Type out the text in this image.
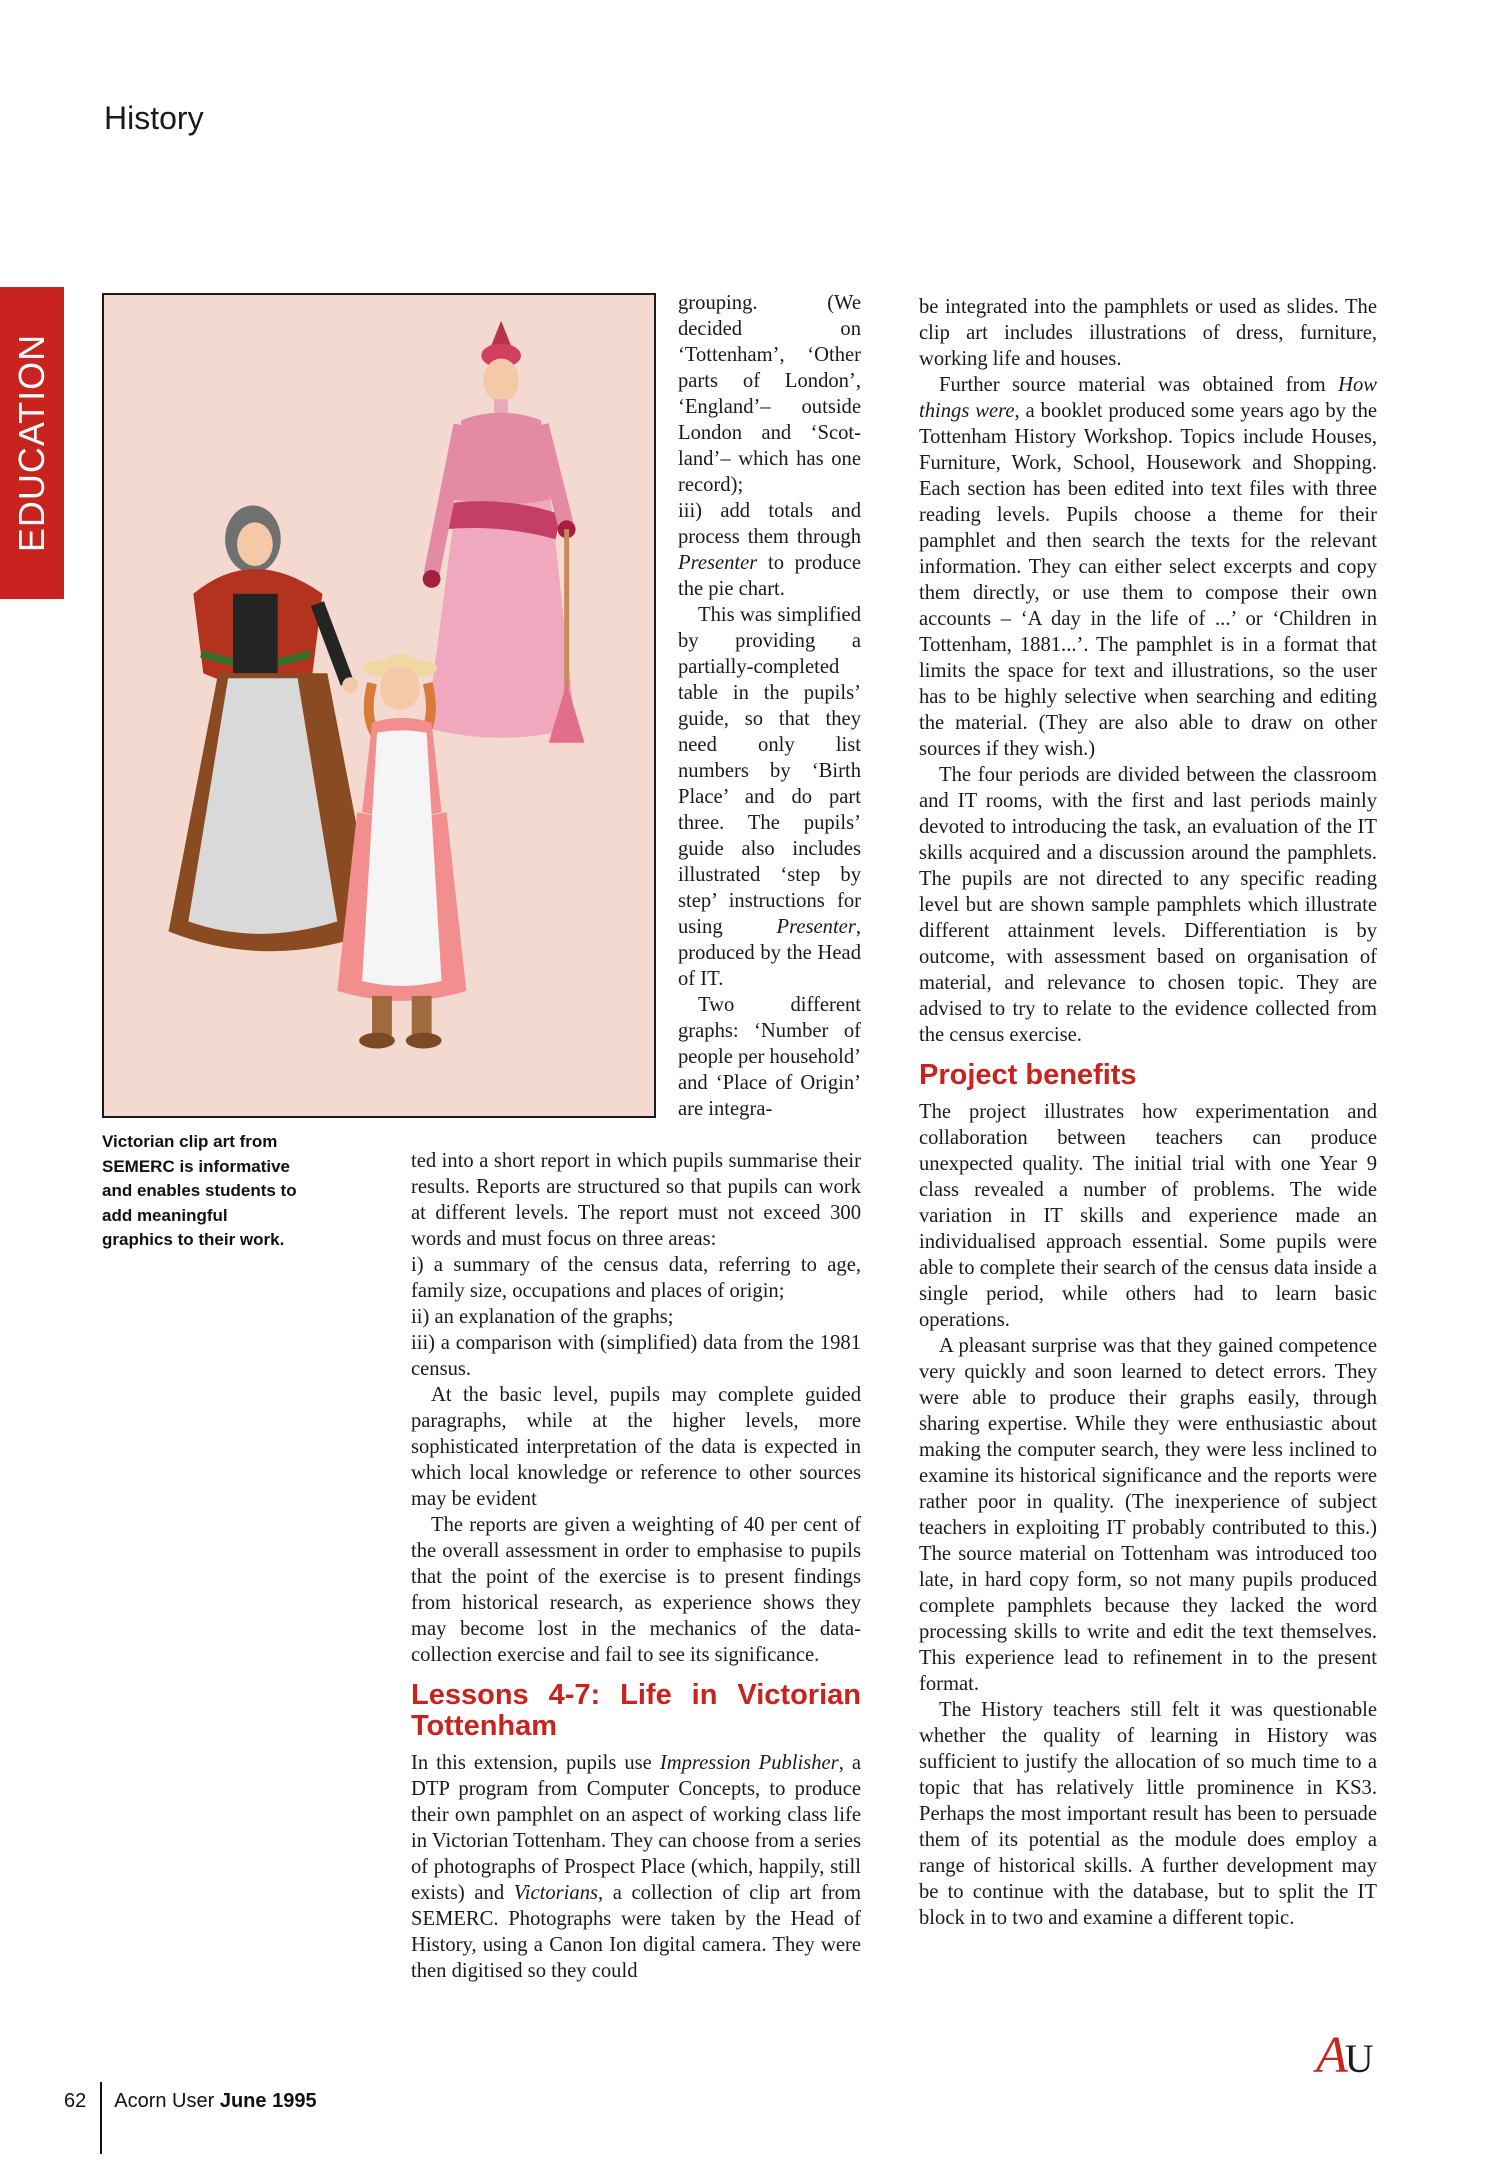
EDUCATION
History
Victorian clip art from SEMERC is informative and enables students to add meaningful graphics to their work.

grouping. (We decided on ‘Tottenham’, ‘Other parts of London’, ‘England’– outside London and ‘Scot-land’– which has one record);

iii) add totals and process them through Presenter to produce the pie chart.

This was simplified by providing a partially-completed table in the pupils’ guide, so that they need only list numbers by ‘Birth Place’ and do part three. The pupils’ guide also includes illustrated ‘step by step’ instructions for using Presenter, produced by the Head of IT.

Two different graphs: ‘Number of people per household’ and ‘Place of Origin’ are integra-

ted into a short report in which pupils summarise their results. Reports are structured so that pupils can work at different levels. The report must not exceed 300 words and must focus on three areas:

i) a summary of the census data, referring to age, family size, occupations and places of origin;

ii) an explanation of the graphs;

iii) a comparison with (simplified) data from the 1981 census.

At the basic level, pupils may complete guided paragraphs, while at the higher levels, more sophisticated interpretation of the data is expected in which local knowledge or reference to other sources may be evident

The reports are given a weighting of 40 per cent of the overall assessment in order to emphasise to pupils that the point of the exercise is to present findings from historical research, as experience shows they may become lost in the mechanics of the data-collection exercise and fail to see its significance.

Lessons 4-7: Life in Victorian Tottenham

In this extension, pupils use Impression Publisher, a DTP program from Computer Concepts, to produce their own pamphlet on an aspect of working class life in Victorian Tottenham. They can choose from a series of photographs of Prospect Place (which, happily, still exists) and Victorians, a collection of clip art from SEMERC. Photographs were taken by the Head of History, using a Canon Ion digital camera. They were then digitised so they could

be integrated into the pamphlets or used as slides. The clip art includes illustrations of dress, furniture, working life and houses.

Further source material was obtained from How things were, a booklet produced some years ago by the Tottenham History Workshop. Topics include Houses, Furniture, Work, School, Housework and Shopping. Each section has been edited into text files with three reading levels. Pupils choose a theme for their pamphlet and then search the texts for the relevant information. They can either select excerpts and copy them directly, or use them to compose their own accounts – ‘A day in the life of ...’ or ‘Children in Tottenham, 1881...’. The pamphlet is in a format that limits the space for text and illustrations, so the user has to be highly selective when searching and editing the material. (They are also able to draw on other sources if they wish.)

The four periods are divided between the classroom and IT rooms, with the first and last periods mainly devoted to introducing the task, an evaluation of the IT skills acquired and a discussion around the pamphlets. The pupils are not directed to any specific reading level but are shown sample pamphlets which illustrate different attainment levels. Differentiation is by outcome, with assessment based on organisation of material, and relevance to chosen topic. They are advised to try to relate to the evidence collected from the census exercise.

Project benefits

The project illustrates how experimentation and collaboration between teachers can produce unexpected quality. The initial trial with one Year 9 class revealed a number of problems. The wide variation in IT skills and experience made an individualised approach essential. Some pupils were able to complete their search of the census data inside a single period, while others had to learn basic operations.

A pleasant surprise was that they gained competence very quickly and soon learned to detect errors. They were able to produce their graphs easily, through sharing expertise. While they were enthusiastic about making the computer search, they were less inclined to examine its historical significance and the reports were rather poor in quality. (The inexperience of subject teachers in exploiting IT probably contributed to this.) The source material on Tottenham was introduced too late, in hard copy form, so not many pupils produced complete pamphlets because they lacked the word processing skills to write and edit the text themselves. This experience lead to refinement in to the present format.

The History teachers still felt it was questionable whether the quality of learning in History was sufficient to justify the allocation of so much time to a topic that has relatively little prominence in KS3. Perhaps the most important result has been to persuade them of its potential as the module does employ a range of historical skills. A further development may be to continue with the database, but to split the IT block in to two and examine a different topic.

AU
62 Acorn User June 1995
